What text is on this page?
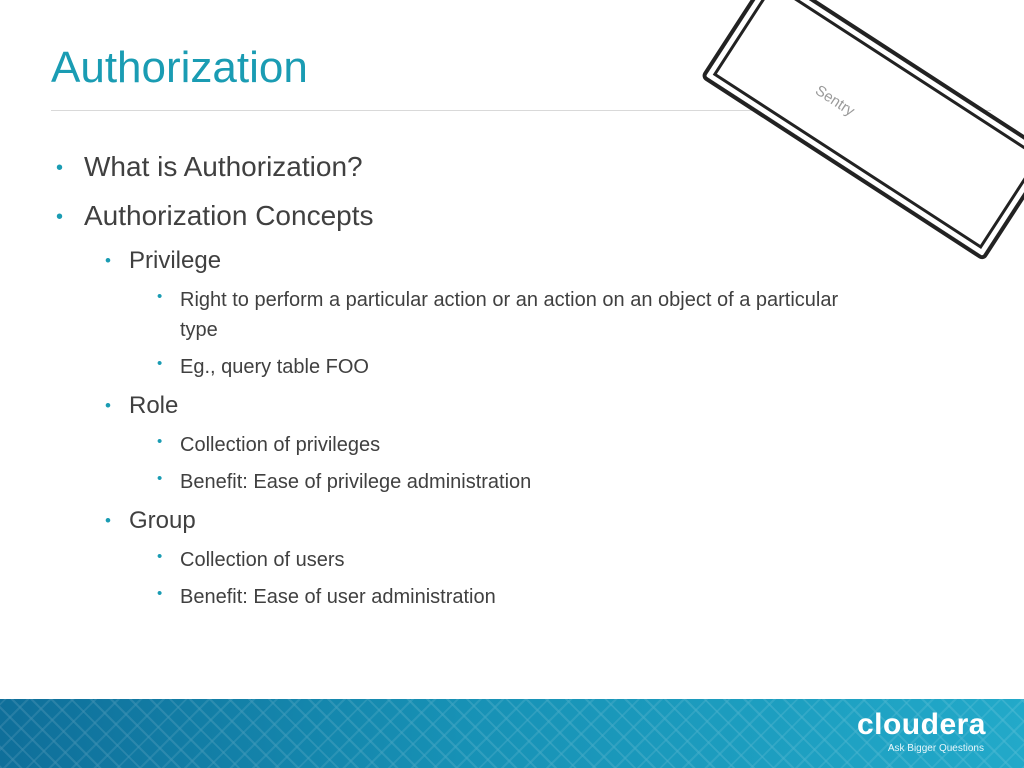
Authorization
Sentry
• What is Authorization?
• Authorization Concepts
• Privilege
• Right to perform a particular action or an action on an object of a particular type
• Eg., query table FOO
• Role
• Collection of privileges
• Benefit: Ease of privilege administration
• Group
• Collection of users
• Benefit: Ease of user administration
cloudera
Ask Bigger Questions
